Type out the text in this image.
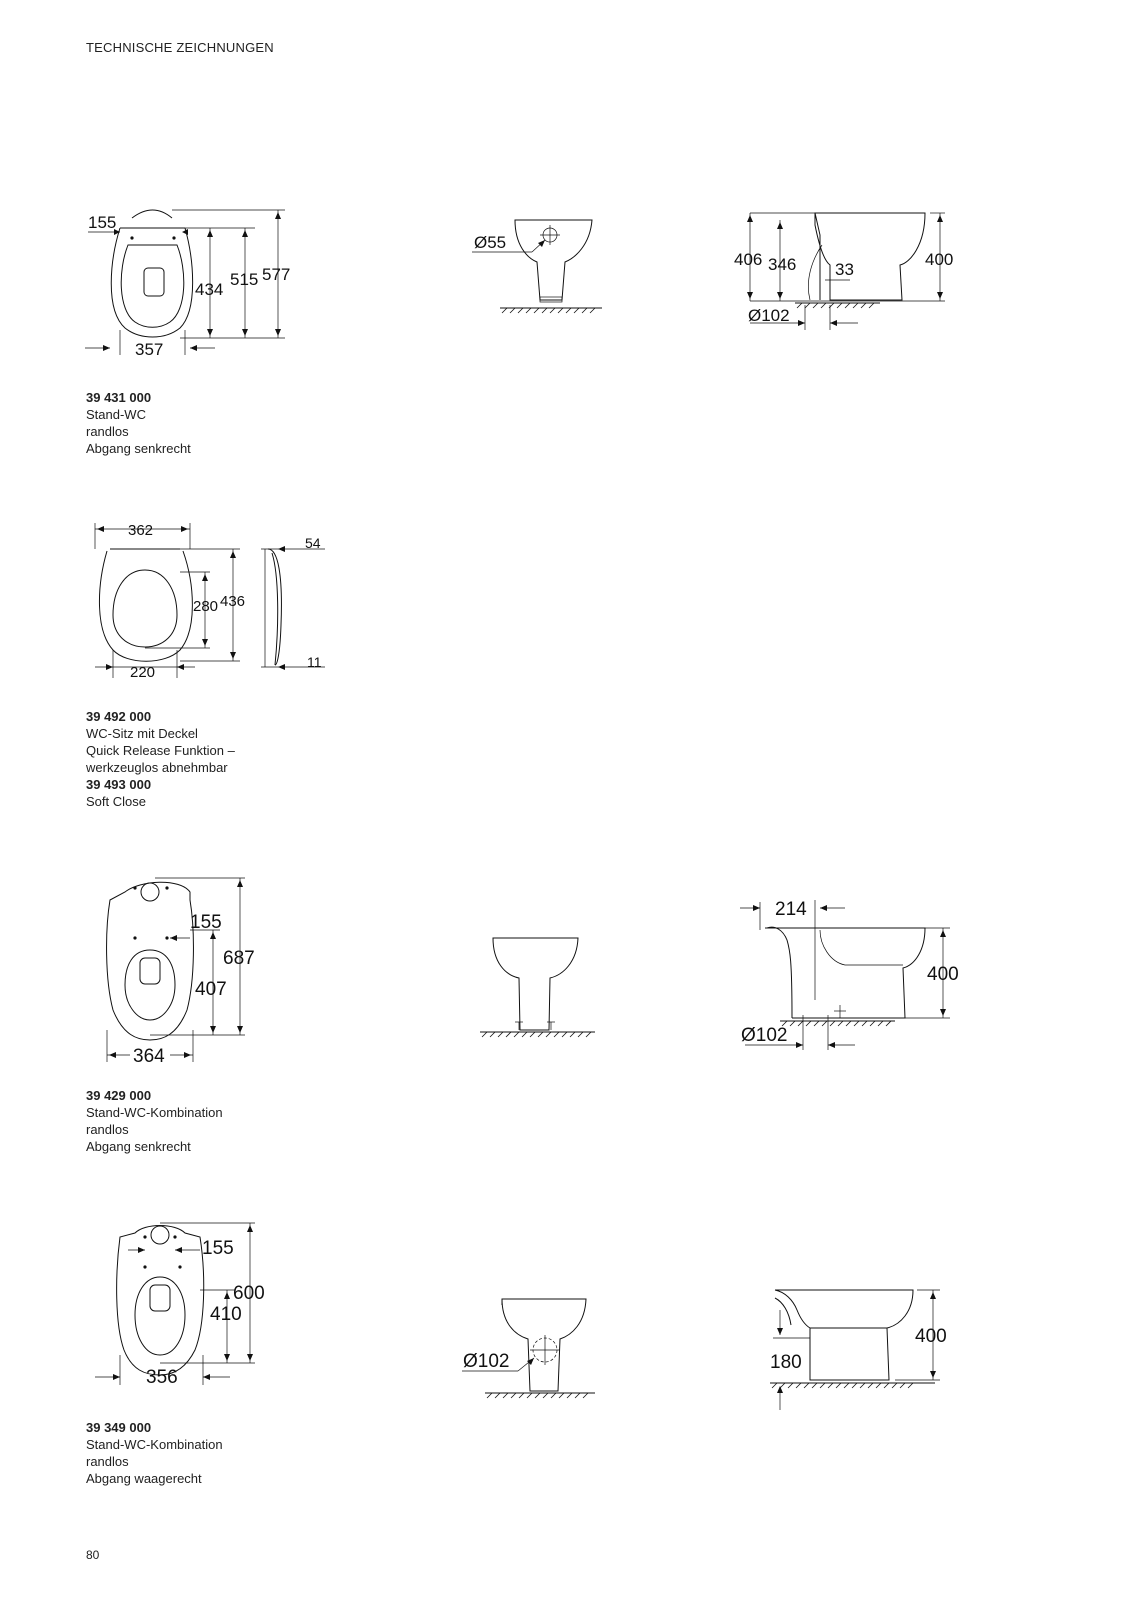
TECHNISCHE ZEICHNUNGEN
155
434
515 577
357
Ø55
406 346 33
400
Ø102
39 431 000
Stand-WC
randlos
Abgang senkrecht
362
280 436
220
54
11
39 492 000
WC-Sitz mit Deckel
Quick Release Funktion –
werkzeuglos abnehmbar
39 493 000
Soft Close
155
687
407
364
214
400
Ø102
39 429 000
Stand-WC-Kombination
randlos
Abgang senkrecht
155
600
410
356
Ø102
400
180
39 349 000
Stand-WC-Kombination
randlos
Abgang waagerecht
80
